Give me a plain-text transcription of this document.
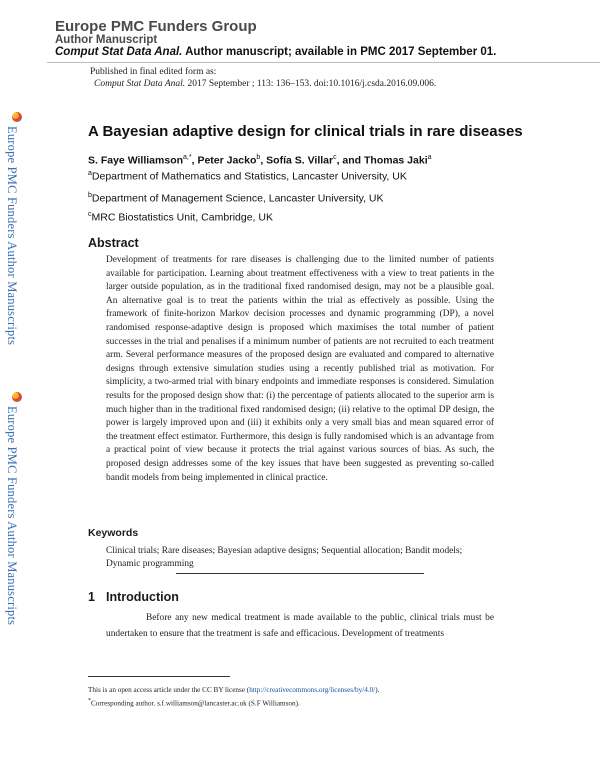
Europe PMC Funders Author Manuscripts
Europe PMC Funders Author Manuscripts
Europe PMC Funders Group
Author Manuscript
Comput Stat Data Anal. Author manuscript; available in PMC 2017 September 01.
Published in final edited form as:
Comput Stat Data Anal. 2017 September ; 113: 136–153. doi:10.1016/j.csda.2016.09.006.
A Bayesian adaptive design for clinical trials in rare diseases
S. Faye Williamson$^{a,*}$, Peter Jacko$^b$, Sofía S. Villar$^c$, and Thomas Jaki$^a$
$^a$Department of Mathematics and Statistics, Lancaster University, UK
$^b$Department of Management Science, Lancaster University, UK
$^c$MRC Biostatistics Unit, Cambridge, UK
Abstract
Development of treatments for rare diseases is challenging due to the limited number of patients available for participation. Learning about treatment effectiveness with a view to treat patients in the larger outside population, as in the traditional fixed randomised design, may not be a plausible goal. An alternative goal is to treat the patients within the trial as effectively as possible. Using the framework of finite-horizon Markov decision processes and dynamic programming (DP), a novel randomised response-adaptive design is proposed which maximises the total number of patient successes in the trial and penalises if a minimum number of patients are not recruited to each treatment arm. Several performance measures of the proposed design are evaluated and compared to alternative designs through extensive simulation studies using a recently published trial as motivation. For simplicity, a two-armed trial with binary endpoints and immediate responses is considered. Simulation results for the proposed design show that: (i) the percentage of patients allocated to the superior arm is much higher than in the traditional fixed randomised design; (ii) relative to the optimal DP design, the power is largely improved upon and (iii) it exhibits only a very small bias and mean squared error of the treatment effect estimator. Furthermore, this design is fully randomised which is an advantage from a practical point of view because it protects the trial against various sources of bias. As such, the proposed design addresses some of the key issues that have been suggested as preventing so-called bandit models from being implemented in clinical practice.
Keywords
Clinical trials; Rare diseases; Bayesian adaptive designs; Sequential allocation; Bandit models; Dynamic programming
1 Introduction
Before any new medical treatment is made available to the public, clinical trials must be undertaken to ensure that the treatment is safe and efficacious. Development of treatments
This is an open access article under the CC BY license (http://creativecommons.org/licenses/by/4.0/).
*Corresponding author. s.f.williamson@lancaster.ac.uk (S.F Williamson).
